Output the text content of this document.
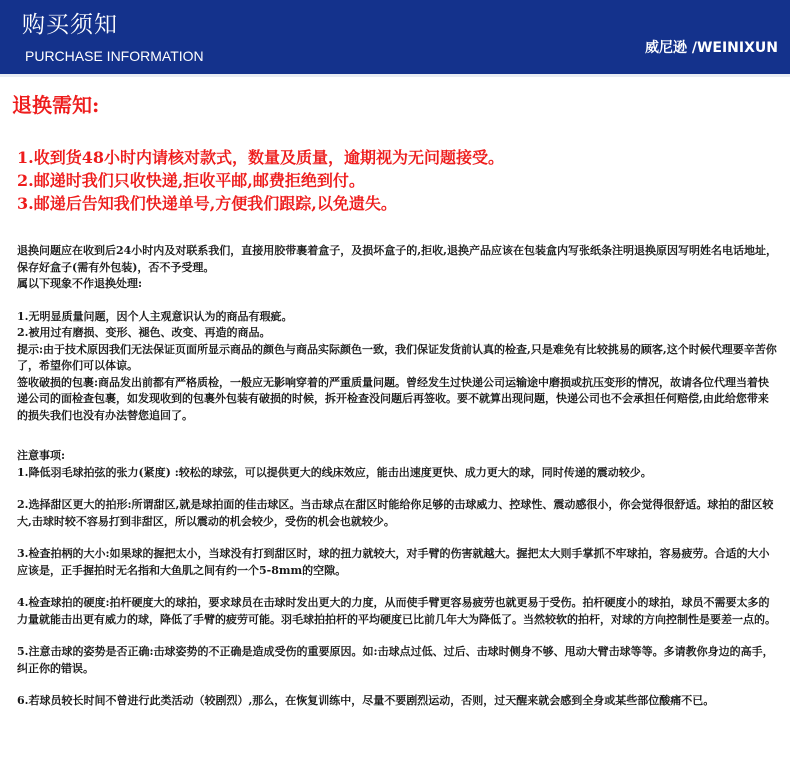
购买须知
PURCHASE INFORMATION	威尼逊 /WEINIXUN
退换需知:
1.收到货48小时内请核对款式，数量及质量，逾期视为无问题接受。
2.邮递时我们只收快递,拒收平邮,邮费拒绝到付。
3.邮递后告知我们快递单号,方便我们跟踪,以免遗失。
退换问题应在收到后24小时内及对联系我们，直接用胶带裹着盒子，及损坏盒子的,拒收,退换产品应该在包装盒内写张纸条注明退换原因写明姓名电话地址，保存好盒子(需有外包装)，否不予受理。
属以下现象不作退换处理:
1.无明显质量问题，因个人主观意识认为的商品有瑕疵。
2.被用过有磨损、变形、褪色、改变、再造的商品。
提示:由于技术原因我们无法保证页面所显示商品的颜色与商品实际颜色一致，我们保证发货前认真的检查,只是难免有比较挑易的顾客,这个时候代理要辛苦你了，希望你们可以体谅。
签收破损的包裹:商品发出前都有严格质检，一般应无影响穿着的严重质量问题。曾经发生过快递公司运输途中磨损或抗压变形的情况，故请各位代理当着快递公司的面检查包裹，如发现收到的包裹外包装有破损的时候，拆开检查没问题后再签收。要不就算出现问题，快递公司也不会承担任何赔偿,由此给您带来的损失我们也没有办法替您追回了。
注意事项:
1.降低羽毛球拍弦的张力(紧度) :较松的球弦，可以提供更大的线床效应，能击出速度更快、成力更大的球，同时传递的震动较少。
2.选择甜区更大的拍形:所谓甜区,就是球拍面的佳击球区。当击球点在甜区时能给你足够的击球威力、控球性、震动感很小，你会觉得很舒适。球拍的甜区较大,击球时较不容易打到非甜区，所以震动的机会较少，受伤的机会也就较少。
3.检查拍柄的大小:如果球的握把太小，当球没有打到甜区时，球的扭力就较大，对手臂的伤害就越大。握把太大则手掌抓不牢球拍，容易疲劳。合适的大小应该是，正手握拍时无名指和大鱼肌之间有约一个5-8mm的空隙。
4.检查球拍的硬度:拍杆硬度大的球拍，要求球员在击球时发出更大的力度，从而使手臂更容易疲劳也就更易于受伤。拍杆硬度小的球拍，球员不需要太多的力量就能击出更有威力的球，降低了手臂的疲劳可能。羽毛球拍拍杆的平均硬度已比前几年大为降低了。当然较软的拍杆，对球的方向控制性是要差一点的。
5.注意击球的姿势是否正确:击球姿势的不正确是造成受伤的重要原因。如:击球点过低、过后、击球时侧身不够、甩动大臂击球等等。多请教你身边的高手，纠正你的错误。
6.若球员较长时间不曾进行此类活动（较剧烈）,那么，在恢复训练中，尽量不要剧烈运动，否则，过天醒来就会感到全身或某些部位酸痛不已。
